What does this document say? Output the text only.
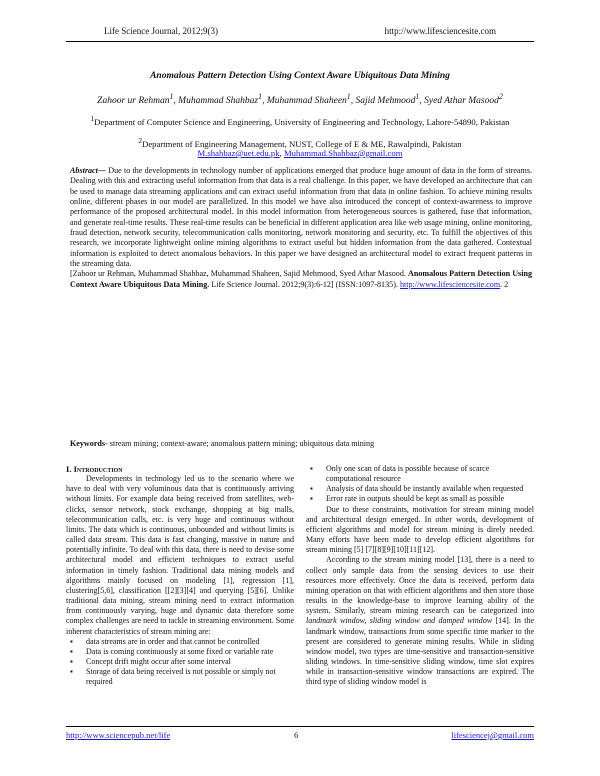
Life Science Journal, 2012;9(3)	http://www.lifesciencesite.com
Anomalous Pattern Detection Using Context Aware Ubiquitous Data Mining
Zahoor ur Rehman$^1$, Muhammad Shahbaz$^1$, Muhammad Shaheen$^1$, Sajid Mehmood$^1$, Syed Athar Masood$^2$
$^1$Department of Computer Science and Engineering, University of Engineering and Technology, Lahore-54890, Pakistan
$^2$Department of Engineering Management, NUST, College of E & ME, Rawalpindi, Pakistan
M.shahbaz@uet.edu.pk, Muhammad.Shahbaz@gmail.com
Abstract— Due to the developments in technology number of applications emerged that produce huge amount of data in the form of streams. Dealing with this and extracting useful information from that data is a real challenge. In this paper, we have developed an architecture that can be used to manage data streaming applications and can extract useful information from that data in online fashion. To achieve mining results online, different phases in our model are parallelized. In this model we have also introduced the concept of context-awareness to improve performance of the proposed architectural model. In this model information from heterogeneous sources is gathered, fuse that information, and generate real-time results. These real-time results can be beneficial in different application area like web usage mining, online monitoring, fraud detection, network security, telecommunication calls monitoring, network monitoring and security, etc. To fulfill the objectives of this research, we incorporate lightweight online mining algorithms to extract useful but hidden information from the data gathered. Contextual information is exploited to detect anomalous behaviors. In this paper we have designed an architectural model to extract frequent patterns in the streaming data.
[Zahoor ur Rehman, Muhammad Shahbaz, Muhammad Shaheen, Sajid Mehmood, Syed Athar Masood. Anomalous Pattern Detection Using Context Aware Ubiquitous Data Mining. Life Science Journal. 2012;9(3):6-12] (ISSN:1097-8135). http://www.lifesciencesite.com. 2
Keywords- stream mining; context-aware; anomalous pattern mining; ubiquitous data mining

I. Introduction

Developments in technology led us to the scenario where we have to deal with very voluminous data that is continuously arriving without limits. For example data being received from satellites, web-clicks, sensor network, stock exchange, shopping at big malls, telecommunication calls, etc. is very huge and continuous without limits. The data which is continuous, unbounded and without limits is called data stream. This data is fast changing, massive in nature and potentially infinite. To deal with this data, there is need to devise some architectural model and efficient techniques to extract useful information in timely fashion. Traditional data mining models and algorithms mainly focused on modeling [1], regression [1], clustering[5,6], classification [[2][3][4] and querying [5][6]. Unlike traditional data mining, stream mining need to extract information from continuously varying, huge and dynamic data therefore some complex challenges are need to tackle in streaming environment. Some inherent characteristics of stream mining are:

▪ data streams are in order and that cannot be controlled
▪ Data is coming continuously at some fixed or variable rate
▪ Concept drift might occur after some interval
▪ Storage of data being received is not possible or simply not required
▪ Only one scan of data is possible because of scarce computational resource
▪ Analysis of data should be instantly available when requested
▪ Error rate in outputs should be kept as small as possible

Due to these constraints, motivation for stream mining model and architectural design emerged. In other words, development of efficient algorithms and model for stream mining is direly needed. Many efforts have been made to develop efficient algorithms for stream mining [5] [7][8][9][10][11][12].

According to the stream mining model [13], there is a need to collect only sample data from the sensing devices to use their resources more effectively. Once the data is received, perform data mining operation on that with efficient algorithms and then store those results in the knowledge-base to improve learning ability of the system. Similarly, stream mining research can be categorized into landmark window, sliding window and damped window [14]. In the landmark window, transactions from some specific time marker to the present are considered to generate mining results. While in sliding window model, two types are time-sensitive and transaction-sensitive sliding windows. In time-sensitive sliding window, time slot expires while in transaction-sensitive window transactions are expired. The third type of sliding window model is

http://www.sciencepub.net/life	6	lifesciencej@gmail.com
